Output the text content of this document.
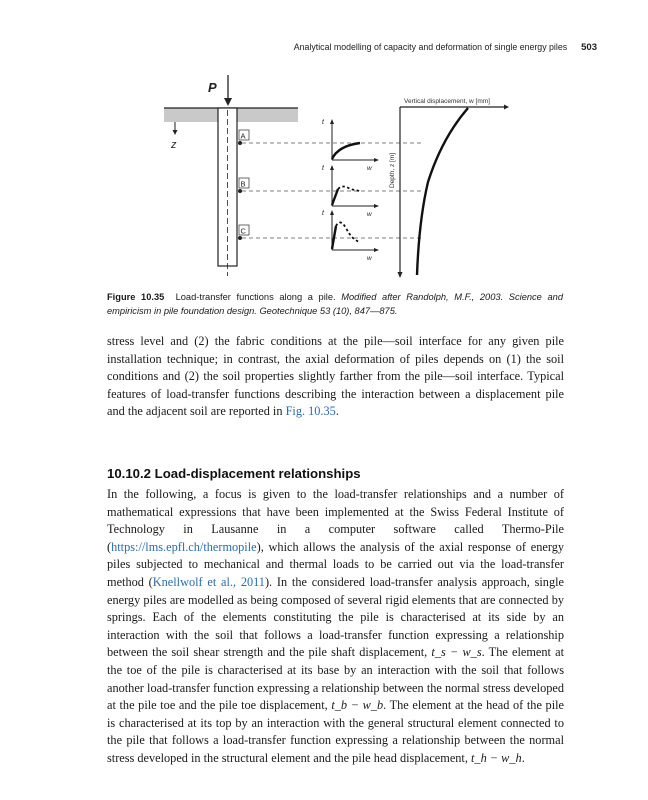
Analytical modelling of capacity and deformation of single energy piles 503
P
z
A
B
C
t
w
t
w
t
w
Vertical displacement, w [mm]
Depth, z [m]
Figure 10.35 Load-transfer functions along a pile. Modified after Randolph, M.F., 2003. Science and empiricism in pile foundation design. Geotechnique 53 (10), 847—875.
stress level and (2) the fabric conditions at the pile—soil interface for any given pile installation technique; in contrast, the axial deformation of piles depends on (1) the soil conditions and (2) the soil properties slightly farther from the pile—soil interface. Typical features of load-transfer functions describing the interaction between a displacement pile and the adjacent soil are reported in Fig. 10.35.
10.10.2 Load-displacement relationships
In the following, a focus is given to the load-transfer relationships and a number of mathematical expressions that have been implemented at the Swiss Federal Institute of Technology in Lausanne in a computer software called Thermo-Pile (https://lms.epfl.ch/thermopile), which allows the analysis of the axial response of energy piles subjected to mechanical and thermal loads to be carried out via the load-transfer method (Knellwolf et al., 2011). In the considered load-transfer analysis approach, single energy piles are modelled as being composed of several rigid elements that are connected by springs. Each of the elements constituting the pile is characterised at its side by an interaction with the soil that follows a load-transfer function expressing a relationship between the soil shear strength and the pile shaft displacement, t_s − w_s. The element at the toe of the pile is characterised at its base by an interaction with the soil that follows another load-transfer function expressing a relationship between the normal stress developed at the pile toe and the pile toe displacement, t_b − w_b. The element at the head of the pile is characterised at its top by an interaction with the general structural element connected to the pile that follows a load-transfer function expressing a relationship between the normal stress developed in the structural element and the pile head displacement, t_h − w_h.
